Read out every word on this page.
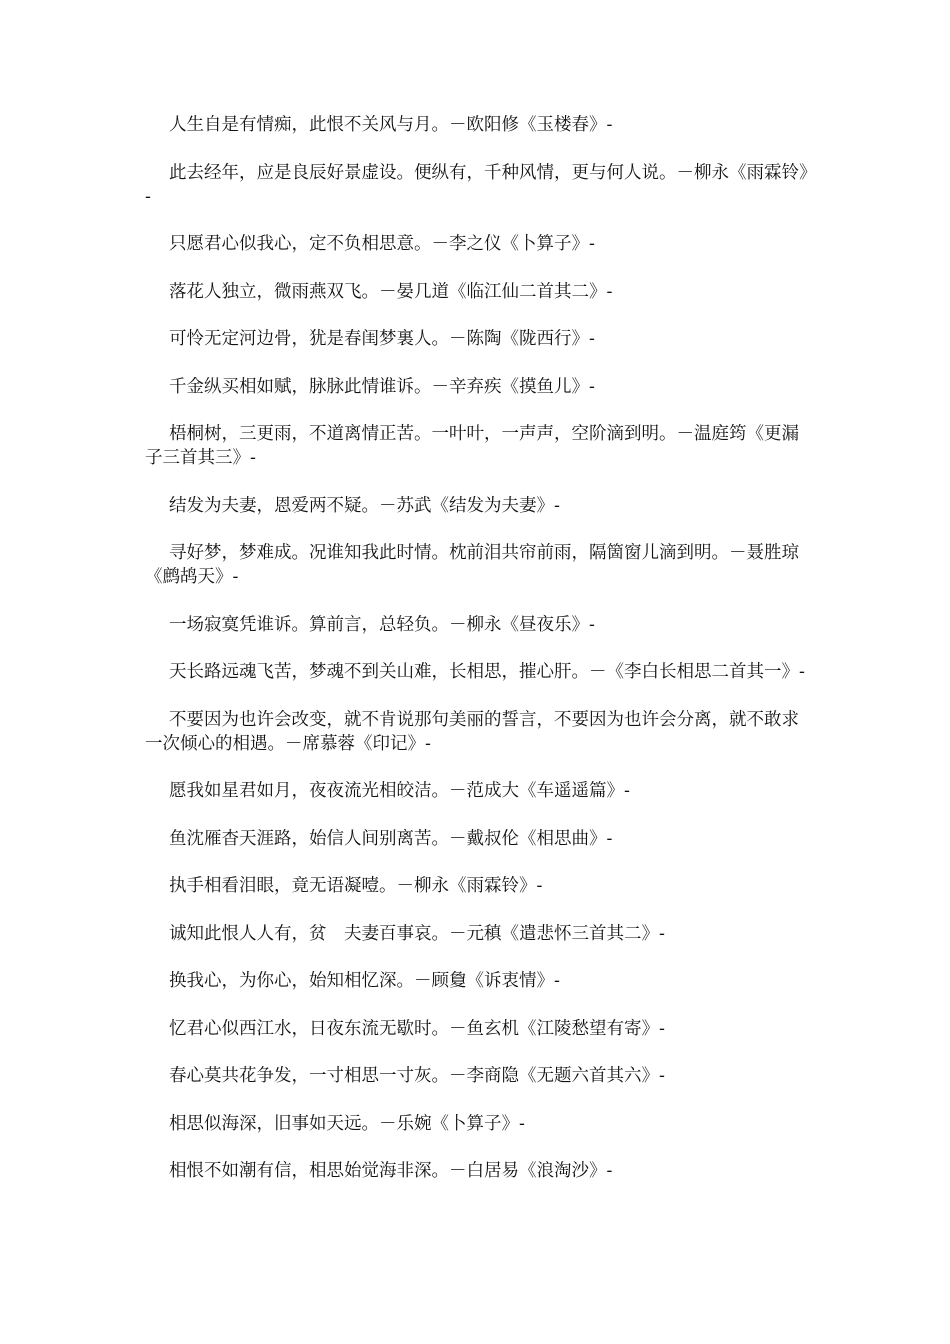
人生自是有情痴，此恨不关风与月。－欧阳修《玉楼春》-

此去经年，应是良辰好景虚设。便纵有，千种风情，更与何人说。－柳永《雨霖铃》-

只愿君心似我心，定不负相思意。－李之仪《卜算子》-

落花人独立，微雨燕双飞。－晏几道《临江仙二首其二》-

可怜无定河边骨，犹是春闺梦裏人。－陈陶《陇西行》-

千金纵买相如赋，脉脉此情谁诉。－辛弃疾《摸鱼儿》-

梧桐树，三更雨，不道离情正苦。一叶叶，一声声，空阶滴到明。－温庭筠《更漏子三首其三》-

结发为夫妻，恩爱两不疑。－苏武《结发为夫妻》-

寻好梦，梦难成。况谁知我此时情。枕前泪共帘前雨，隔箇窗儿滴到明。－聂胜琼《鹧鸪天》-

一场寂寞凭谁诉。算前言，总轻负。－柳永《昼夜乐》-

天长路远魂飞苦，梦魂不到关山难，长相思，摧心肝。－《李白长相思二首其一》-

不要因为也许会改变，就不肯说那句美丽的誓言，不要因为也许会分离，就不敢求一次倾心的相遇。－席慕蓉《印记》-

愿我如星君如月，夜夜流光相皎洁。－范成大《车遥遥篇》-

鱼沈雁杳天涯路，始信人间别离苦。－戴叔伦《相思曲》-

执手相看泪眼，竟无语凝噎。－柳永《雨霖铃》-

诚知此恨人人有，贫　夫妻百事哀。－元稹《遣悲怀三首其二》-

换我心，为你心，始知相忆深。－顾敻《诉衷情》-

忆君心似西江水，日夜东流无歇时。－鱼玄机《江陵愁望有寄》-

春心莫共花争发，一寸相思一寸灰。－李商隐《无题六首其六》-

相思似海深，旧事如天远。－乐婉《卜算子》-

相恨不如潮有信，相思始觉海非深。－白居易《浪淘沙》-
